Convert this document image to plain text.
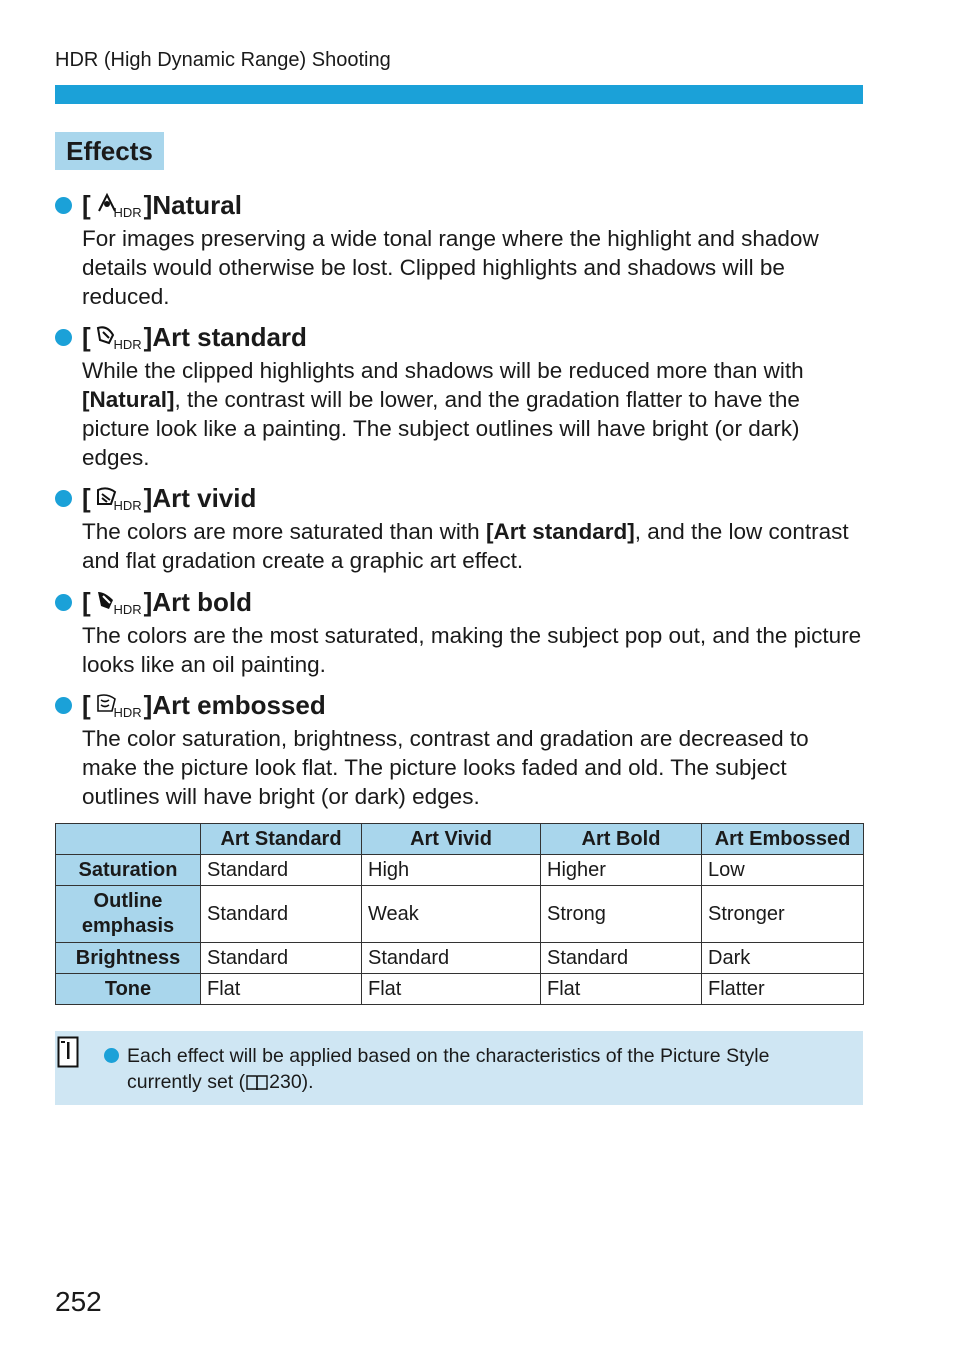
HDR (High Dynamic Range) Shooting
Effects
[ HDR ]Natural
For images preserving a wide tonal range where the highlight and shadow details would otherwise be lost. Clipped highlights and shadows will be reduced.
[ HDR ]Art standard
While the clipped highlights and shadows will be reduced more than with [Natural], the contrast will be lower, and the gradation flatter to have the picture look like a painting. The subject outlines will have bright (or dark) edges.
[ HDR ]Art vivid
The colors are more saturated than with [Art standard], and the low contrast and flat gradation create a graphic art effect.
[ HDR ]Art bold
The colors are the most saturated, making the subject pop out, and the picture looks like an oil painting.
[ HDR ]Art embossed
The color saturation, brightness, contrast and gradation are decreased to make the picture look flat. The picture looks faded and old. The subject outlines will have bright (or dark) edges.
	Art Standard	Art Vivid	Art Bold	Art Embossed
Saturation	Standard	High	Higher	Low
Outline emphasis	Standard	Weak	Strong	Stronger
Brightness	Standard	Standard	Standard	Dark
Tone	Flat	Flat	Flat	Flatter
Each effect will be applied based on the characteristics of the Picture Style currently set ( 230).
252
